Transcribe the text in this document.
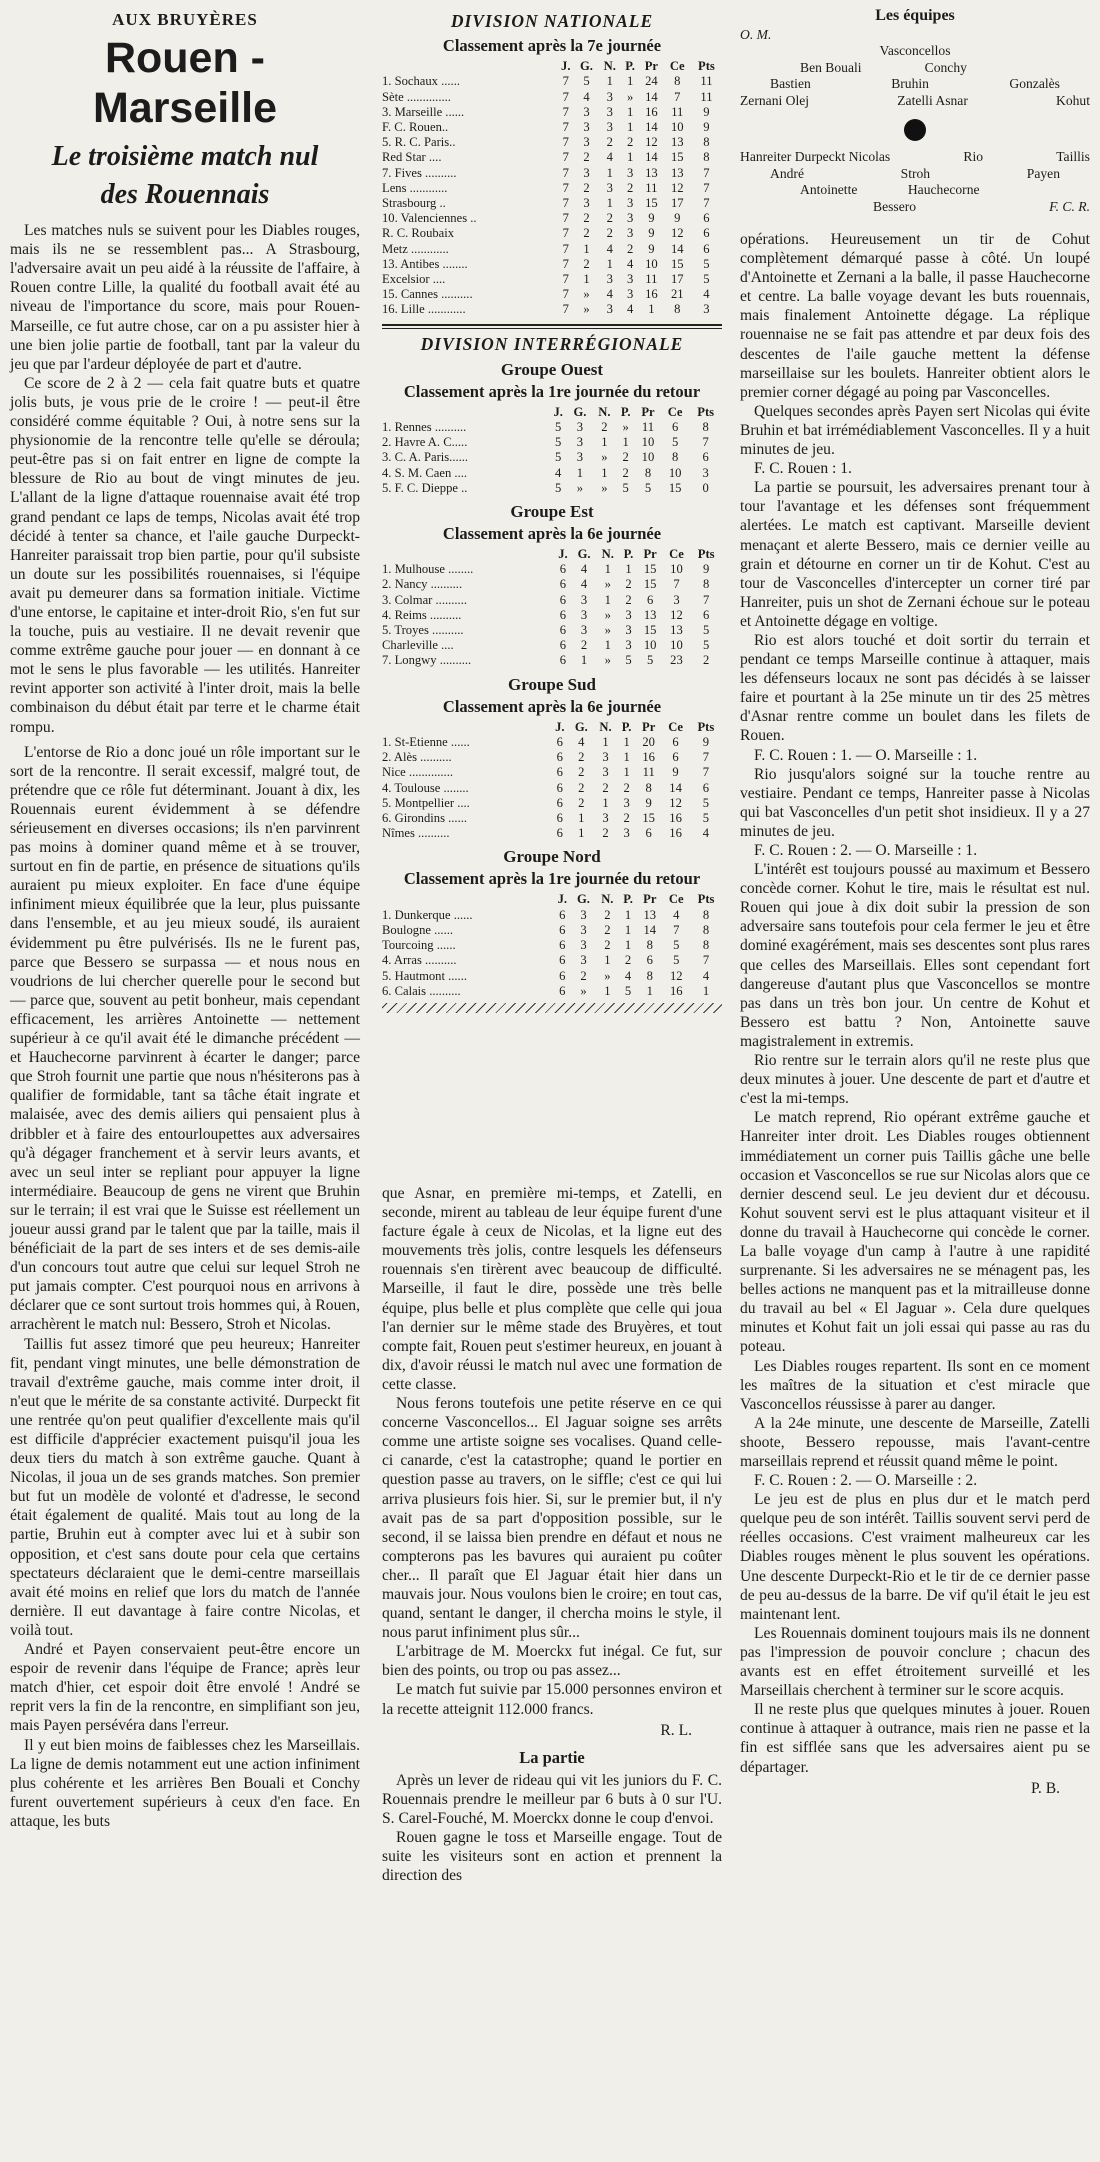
AUX BRUYÈRES
Rouen - Marseille
Le troisième match nul
des Rouennais

Les matches nuls se suivent pour les Diables rouges, mais ils ne se ressemblent pas... A Strasbourg, l'adversaire avait un peu aidé à la réussite de l'affaire, à Rouen contre Lille, la qualité du football avait été au niveau de l'importance du score, mais pour Rouen-Marseille, ce fut autre chose, car on a pu assister hier à une bien jolie partie de football, tant par la valeur du jeu que par l'ardeur déployée de part et d'autre.

Ce score de 2 à 2 — cela fait quatre buts et quatre jolis buts, je vous prie de le croire ! — peut-il être considéré comme équitable ? Oui, à notre sens sur la physionomie de la rencontre telle qu'elle se déroula; peut-être pas si on fait entrer en ligne de compte la blessure de Rio au bout de vingt minutes de jeu. L'allant de la ligne d'attaque rouennaise avait été trop grand pendant ce laps de temps, Nicolas avait été trop décidé à tenter sa chance, et l'aile gauche Durpeckt-Hanreiter paraissait trop bien partie, pour qu'il subsiste un doute sur les possibilités rouennaises, si l'équipe avait pu demeurer dans sa formation initiale. Victime d'une entorse, le capitaine et inter-droit Rio, s'en fut sur la touche, puis au vestiaire. Il ne devait revenir que comme extrême gauche pour jouer — en donnant à ce mot le sens le plus favorable — les utilités. Hanreiter revint apporter son activité à l'inter droit, mais la belle combinaison du début était par terre et le charme était rompu.

L'entorse de Rio a donc joué un rôle important sur le sort de la rencontre. Il serait excessif, malgré tout, de prétendre que ce rôle fut déterminant. Jouant à dix, les Rouennais eurent évidemment à se défendre sérieusement en diverses occasions; ils n'en parvinrent pas moins à dominer quand même et à se trouver, surtout en fin de partie, en présence de situations qu'ils auraient pu mieux exploiter. En face d'une équipe infiniment mieux équilibrée que la leur, plus puissante dans l'ensemble, et au jeu mieux soudé, ils auraient évidemment pu être pulvérisés. Ils ne le furent pas, parce que Bessero se surpassa — et nous nous en voudrions de lui chercher querelle pour le second but — parce que, souvent au petit bonheur, mais cependant efficacement, les arrières Antoinette — nettement supérieur à ce qu'il avait été le dimanche précédent — et Hauchecorne parvinrent à écarter le danger; parce que Stroh fournit une partie que nous n'hésiterons pas à qualifier de formidable, tant sa tâche était ingrate et malaisée, avec des demis ailiers qui pensaient plus à dribbler et à faire des entourloupettes aux adversaires qu'à dégager franchement et à servir leurs avants, et avec un seul inter se repliant pour appuyer la ligne intermédiaire. Beaucoup de gens ne virent que Bruhin sur le terrain; il est vrai que le Suisse est réellement un joueur aussi grand par le talent que par la taille, mais il bénéficiait de la part de ses inters et de ses demis-aile d'un concours tout autre que celui sur lequel Stroh ne put jamais compter. C'est pourquoi nous en arrivons à déclarer que ce sont surtout trois hommes qui, à Rouen, arrachèrent le match nul: Bessero, Stroh et Nicolas.

Taillis fut assez timoré que peu heureux; Hanreiter fit, pendant vingt minutes, une belle démonstration de travail d'extrême gauche, mais comme inter droit, il n'eut que le mérite de sa constante activité. Durpeckt fit une rentrée qu'on peut qualifier d'excellente mais qu'il est difficile d'apprécier exactement puisqu'il joua les deux tiers du match à son extrême gauche. Quant à Nicolas, il joua un de ses grands matches. Son premier but fut un modèle de volonté et d'adresse, le second était également de qualité. Mais tout au long de la partie, Bruhin eut à compter avec lui et à subir son opposition, et c'est sans doute pour cela que certains spectateurs déclaraient que le demi-centre marseillais avait été moins en relief que lors du match de l'année dernière. Il eut davantage à faire contre Nicolas, et voilà tout.

André et Payen conservaient peut-être encore un espoir de revenir dans l'équipe de France; après leur match d'hier, cet espoir doit être envolé ! André se reprit vers la fin de la rencontre, en simplifiant son jeu, mais Payen persévéra dans l'erreur.

Il y eut bien moins de faiblesses chez les Marseillais. La ligne de demis notamment eut une action infiniment plus cohérente et les arrières Ben Bouali et Conchy furent ouvertement supérieurs à ceux d'en face. En attaque, les buts

DIVISION NATIONALE
Classement après la 7e journée
	J.	G.	N.	P.	Pr	Ce	Pts
1. Sochaux ......	7	5	1	1	24	8	11
Sète ..............	7	4	3	»	14	7	11
3. Marseille ......	7	3	3	1	16	11	9
F. C. Rouen..	7	3	3	1	14	10	9
5. R. C. Paris..	7	3	2	2	12	13	8
Red Star ....	7	2	4	1	14	15	8
7. Fives ..........	7	3	1	3	13	13	7
Lens ............	7	2	3	2	11	12	7
Strasbourg ..	7	3	1	3	15	17	7
10. Valenciennes ..	7	2	2	3	9	9	6
R. C. Roubaix	7	2	2	3	9	12	6
Metz ............	7	1	4	2	9	14	6
13. Antibes ........	7	2	1	4	10	15	5
Excelsior ....	7	1	3	3	11	17	5
15. Cannes ..........	7	»	4	3	16	21	4
16. Lille ............	7	»	3	4	1	8	3
DIVISION INTERRÉGIONALE
Groupe Ouest
Classement après la 1re journée du retour
	J.	G.	N.	P.	Pr	Ce	Pts
1. Rennes ..........	5	3	2	»	11	6	8
2. Havre A. C.....	5	3	1	1	10	5	7
3. C. A. Paris......	5	3	»	2	10	8	6
4. S. M. Caen ....	4	1	1	2	8	10	3
5. F. C. Dieppe ..	5	»	»	5	5	15	0
Groupe Est
Classement après la 6e journée
	J.	G.	N.	P.	Pr	Ce	Pts
1. Mulhouse ........	6	4	1	1	15	10	9
2. Nancy ..........	6	4	»	2	15	7	8
3. Colmar ..........	6	3	1	2	6	3	7
4. Reims ..........	6	3	»	3	13	12	6
5. Troyes ..........	6	3	»	3	15	13	5
Charleville ....	6	2	1	3	10	10	5
7. Longwy ..........	6	1	»	5	5	23	2
Groupe Sud
Classement après la 6e journée
	J.	G.	N.	P.	Pr	Ce	Pts
1. St-Etienne ......	6	4	1	1	20	6	9
2. Alès ..........	6	2	3	1	16	6	7
Nice ..............	6	2	3	1	11	9	7
4. Toulouse ........	6	2	2	2	8	14	6
5. Montpellier ....	6	2	1	3	9	12	5
6. Girondins ......	6	1	3	2	15	16	5
Nîmes ..........	6	1	2	3	6	16	4
Groupe Nord
Classement après la 1re journée du retour
	J.	G.	N.	P.	Pr	Ce	Pts
1. Dunkerque ......	6	3	2	1	13	4	8
Boulogne ......	6	3	2	1	14	7	8
Tourcoing ......	6	3	2	1	8	5	8
4. Arras ..........	6	3	1	2	6	5	7
5. Hautmont ......	6	2	»	4	8	12	4
6. Calais ..........	6	»	1	5	1	16	1

que Asnar, en première mi-temps, et Zatelli, en seconde, mirent au tableau de leur équipe furent d'une facture égale à ceux de Nicolas, et la ligne eut des mouvements très jolis, contre lesquels les défenseurs rouennais s'en tirèrent avec beaucoup de difficulté. Marseille, il faut le dire, possède une très belle équipe, plus belle et plus complète que celle qui joua l'an dernier sur le même stade des Bruyères, et tout compte fait, Rouen peut s'estimer heureux, en jouant à dix, d'avoir réussi le match nul avec une formation de cette classe.

Nous ferons toutefois une petite réserve en ce qui concerne Vasconcellos... El Jaguar soigne ses arrêts comme une artiste soigne ses vocalises. Quand celle-ci canarde, c'est la catastrophe; quand le portier en question passe au travers, on le siffle; c'est ce qui lui arriva plusieurs fois hier. Si, sur le premier but, il n'y avait pas de sa part d'opposition possible, sur le second, il se laissa bien prendre en défaut et nous ne compterons pas les bavures qui auraient pu coûter cher... Il paraît que El Jaguar était hier dans un mauvais jour. Nous voulons bien le croire; en tout cas, quand, sentant le danger, il chercha moins le style, il nous parut infiniment plus sûr...

L'arbitrage de M. Moerckx fut inégal. Ce fut, sur bien des points, ou trop ou pas assez...

Le match fut suivie par 15.000 personnes environ et la recette atteignit 112.000 francs.

R. L.
La partie

Après un lever de rideau qui vit les juniors du F. C. Rouennais prendre le meilleur par 6 buts à 0 sur l'U. S. Carel-Fouché, M. Moerckx donne le coup d'envoi.

Rouen gagne le toss et Marseille engage. Tout de suite les visiteurs sont en action et prennent la direction des

Les équipes
O. M.
Vasconcellos
Ben Bouali	Conchy
Bastien	Bruhin	Gonzalès
Zernani Olej	Zatelli Asnar	Kohut
Hanreiter Durpeckt Nicolas	Rio	Taillis
André	Stroh	Payen
Antoinette	Hauchecorne
Bessero	F. C. R.

opérations. Heureusement un tir de Cohut complètement démarqué passe à côté. Un loupé d'Antoinette et Zernani a la balle, il passe Hauchecorne et centre. La balle voyage devant les buts rouennais, mais finalement Antoinette dégage. La réplique rouennaise ne se fait pas attendre et par deux fois des descentes de l'aile gauche mettent la défense marseillaise sur les boulets. Hanreiter obtient alors le premier corner dégagé au poing par Vasconcelles.

Quelques secondes après Payen sert Nicolas qui évite Bruhin et bat irrémédiablement Vasconcelles. Il y a huit minutes de jeu.

F. C. Rouen : 1.

La partie se poursuit, les adversaires prenant tour à tour l'avantage et les défenses sont fréquemment alertées. Le match est captivant. Marseille devient menaçant et alerte Bessero, mais ce dernier veille au grain et détourne en corner un tir de Kohut. C'est au tour de Vasconcelles d'intercepter un corner tiré par Hanreiter, puis un shot de Zernani échoue sur le poteau et Antoinette dégage en voltige.

Rio est alors touché et doit sortir du terrain et pendant ce temps Marseille continue à attaquer, mais les défenseurs locaux ne sont pas décidés à se laisser faire et pourtant à la 25e minute un tir des 25 mètres d'Asnar rentre comme un boulet dans les filets de Rouen.

F. C. Rouen : 1. — O. Marseille : 1.

Rio jusqu'alors soigné sur la touche rentre au vestiaire. Pendant ce temps, Hanreiter passe à Nicolas qui bat Vasconcelles d'un petit shot insidieux. Il y a 27 minutes de jeu.

F. C. Rouen : 2. — O. Marseille : 1.

L'intérêt est toujours poussé au maximum et Bessero concède corner. Kohut le tire, mais le résultat est nul. Rouen qui joue à dix doit subir la pression de son adversaire sans toutefois pour cela fermer le jeu et être dominé exagérément, mais ses descentes sont plus rares que celles des Marseillais. Elles sont cependant fort dangereuse d'autant plus que Vasconcellos se montre pas dans un très bon jour. Un centre de Kohut et Bessero est battu ? Non, Antoinette sauve magistralement in extremis.

Rio rentre sur le terrain alors qu'il ne reste plus que deux minutes à jouer. Une descente de part et d'autre et c'est la mi-temps.

Le match reprend, Rio opérant extrême gauche et Hanreiter inter droit. Les Diables rouges obtiennent immédiatement un corner puis Taillis gâche une belle occasion et Vasconcellos se rue sur Nicolas alors que ce dernier descend seul. Le jeu devient dur et décousu. Kohut souvent servi est le plus attaquant visiteur et il donne du travail à Hauchecorne qui concède le corner. La balle voyage d'un camp à l'autre à une rapidité surprenante. Si les adversaires ne se ménagent pas, les belles actions ne manquent pas et la mitrailleuse donne du travail au bel « El Jaguar ». Cela dure quelques minutes et Kohut fait un joli essai qui passe au ras du poteau.

Les Diables rouges repartent. Ils sont en ce moment les maîtres de la situation et c'est miracle que Vasconcellos réussisse à parer au danger.

A la 24e minute, une descente de Marseille, Zatelli shoote, Bessero repousse, mais l'avant-centre marseillais reprend et réussit quand même le point.

F. C. Rouen : 2. — O. Marseille : 2.

Le jeu est de plus en plus dur et le match perd quelque peu de son intérêt. Taillis souvent servi perd de réelles occasions. C'est vraiment malheureux car les Diables rouges mènent le plus souvent les opérations. Une descente Durpeckt-Rio et le tir de ce dernier passe de peu au-dessus de la barre. De vif qu'il était le jeu est maintenant lent.

Les Rouennais dominent toujours mais ils ne donnent pas l'impression de pouvoir conclure ; chacun des avants est en effet étroitement surveillé et les Marseillais cherchent à terminer sur le score acquis.

Il ne reste plus que quelques minutes à jouer. Rouen continue à attaquer à outrance, mais rien ne passe et la fin est sifflée sans que les adversaires aient pu se départager.

P. B.
